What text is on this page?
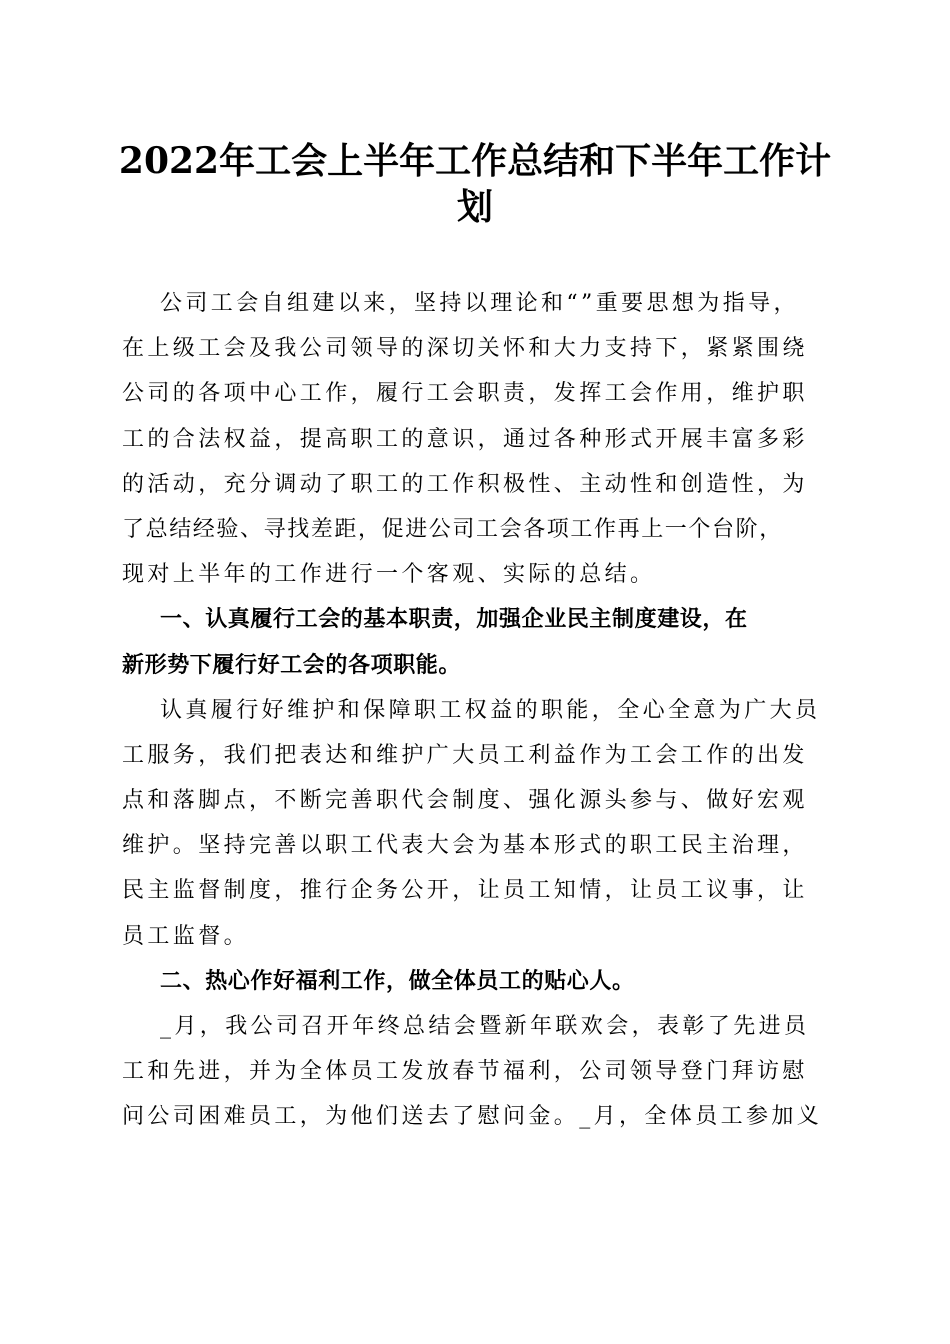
2022年工会上半年工作总结和下半年工作计
划
公司工会自组建以来，坚持以理论和“”重要思想为指导，
在上级工会及我公司领导的深切关怀和大力支持下，紧紧围绕
公司的各项中心工作，履行工会职责，发挥工会作用，维护职
工的合法权益，提高职工的意识，通过各种形式开展丰富多彩
的活动，充分调动了职工的工作积极性、主动性和创造性，为
了总结经验、寻找差距，促进公司工会各项工作再上一个台阶，
现对上半年的工作进行一个客观、实际的总结。
一、认真履行工会的基本职责，加强企业民主制度建设，在
新形势下履行好工会的各项职能。
认真履行好维护和保障职工权益的职能，全心全意为广大员
工服务，我们把表达和维护广大员工利益作为工会工作的出发
点和落脚点，不断完善职代会制度、强化源头参与、做好宏观
维护。坚持完善以职工代表大会为基本形式的职工民主治理，
民主监督制度，推行企务公开，让员工知情，让员工议事，让
员工监督。
二、热心作好福利工作，做全体员工的贴心人。
_月，我公司召开年终总结会暨新年联欢会，表彰了先进员
工和先进，并为全体员工发放春节福利，公司领导登门拜访慰
问公司困难员工，为他们送去了慰问金。_月，全体员工参加义
